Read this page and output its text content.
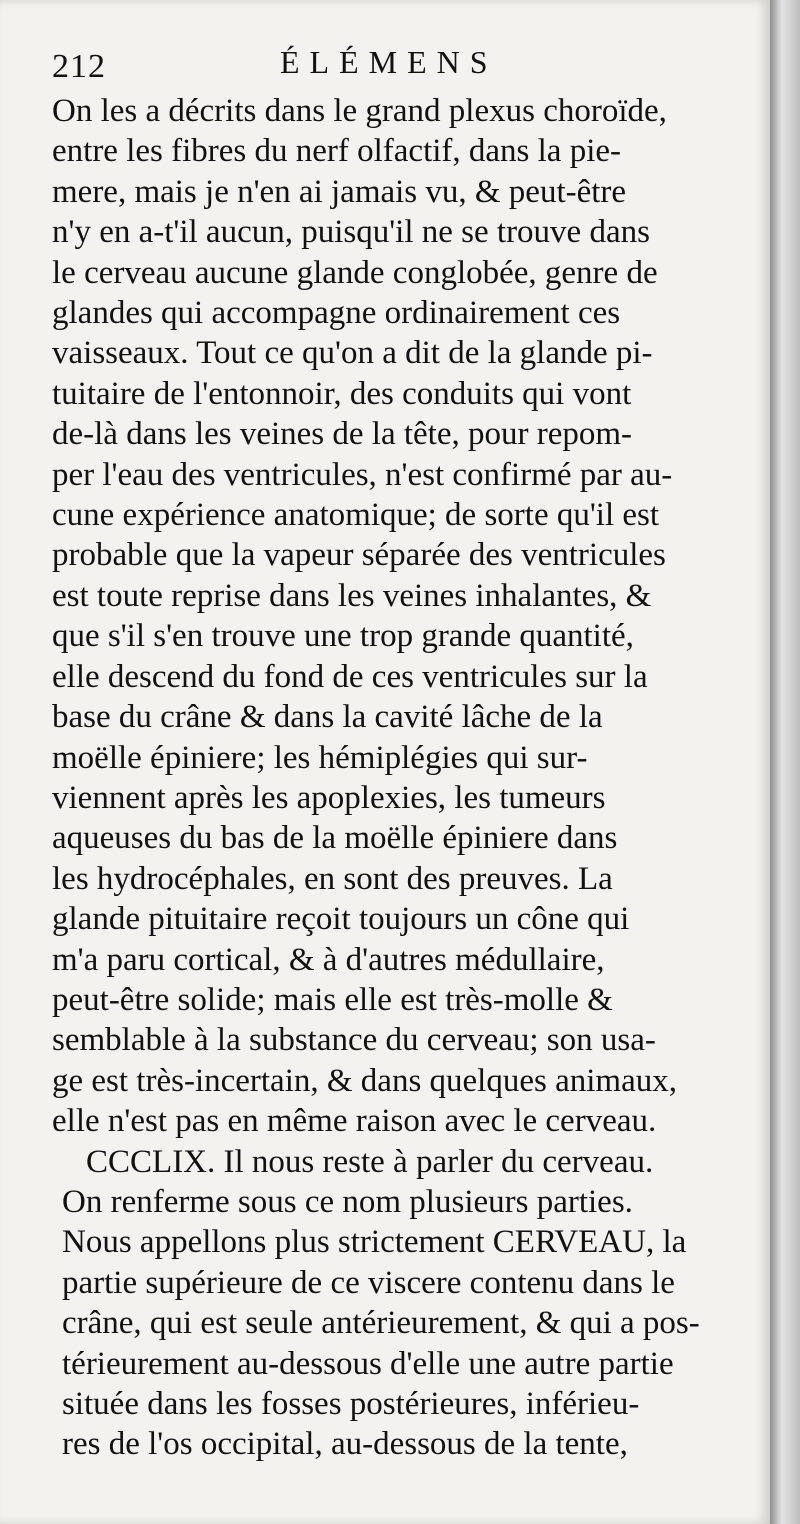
212	ÉLÉMENS
On les a décrits dans le grand plexus choroïde,
entre les fibres du nerf olfactif, dans la pie-
mere, mais je n'en ai jamais vu, & peut-être
n'y en a-t'il aucun, puisqu'il ne se trouve dans
le cerveau aucune glande conglobée, genre de
glandes qui accompagne ordinairement ces
vaisseaux. Tout ce qu'on a dit de la glande pi-
tuitaire de l'entonnoir, des conduits qui vont
de-là dans les veines de la tête, pour repom-
per l'eau des ventricules, n'est confirmé par au-
cune expérience anatomique; de sorte qu'il est
probable que la vapeur séparée des ventricules
est toute reprise dans les veines inhalantes, &
que s'il s'en trouve une trop grande quantité,
elle descend du fond de ces ventricules sur la
base du crâne & dans la cavité lâche de la
moëlle épiniere; les hémiplégies qui sur-
viennent après les apoplexies, les tumeurs
aqueuses du bas de la moëlle épiniere dans
les hydrocéphales, en sont des preuves. La
glande pituitaire reçoit toujours un cône qui
m'a paru cortical, & à d'autres médullaire,
peut-être solide; mais elle est très-molle &
semblable à la substance du cerveau; son usa-
ge est très-incertain, & dans quelques animaux,
elle n'est pas en même raison avec le cerveau.
CCCLIX. Il nous reste à parler du cerveau.
On renferme sous ce nom plusieurs parties.
Nous appellons plus strictement CERVEAU, la
partie supérieure de ce viscere contenu dans le
crâne, qui est seule antérieurement, & qui a pos-
térieurement au-dessous d'elle une autre partie
située dans les fosses postérieures, inférieu-
res de l'os occipital, au-dessous de la tente,
